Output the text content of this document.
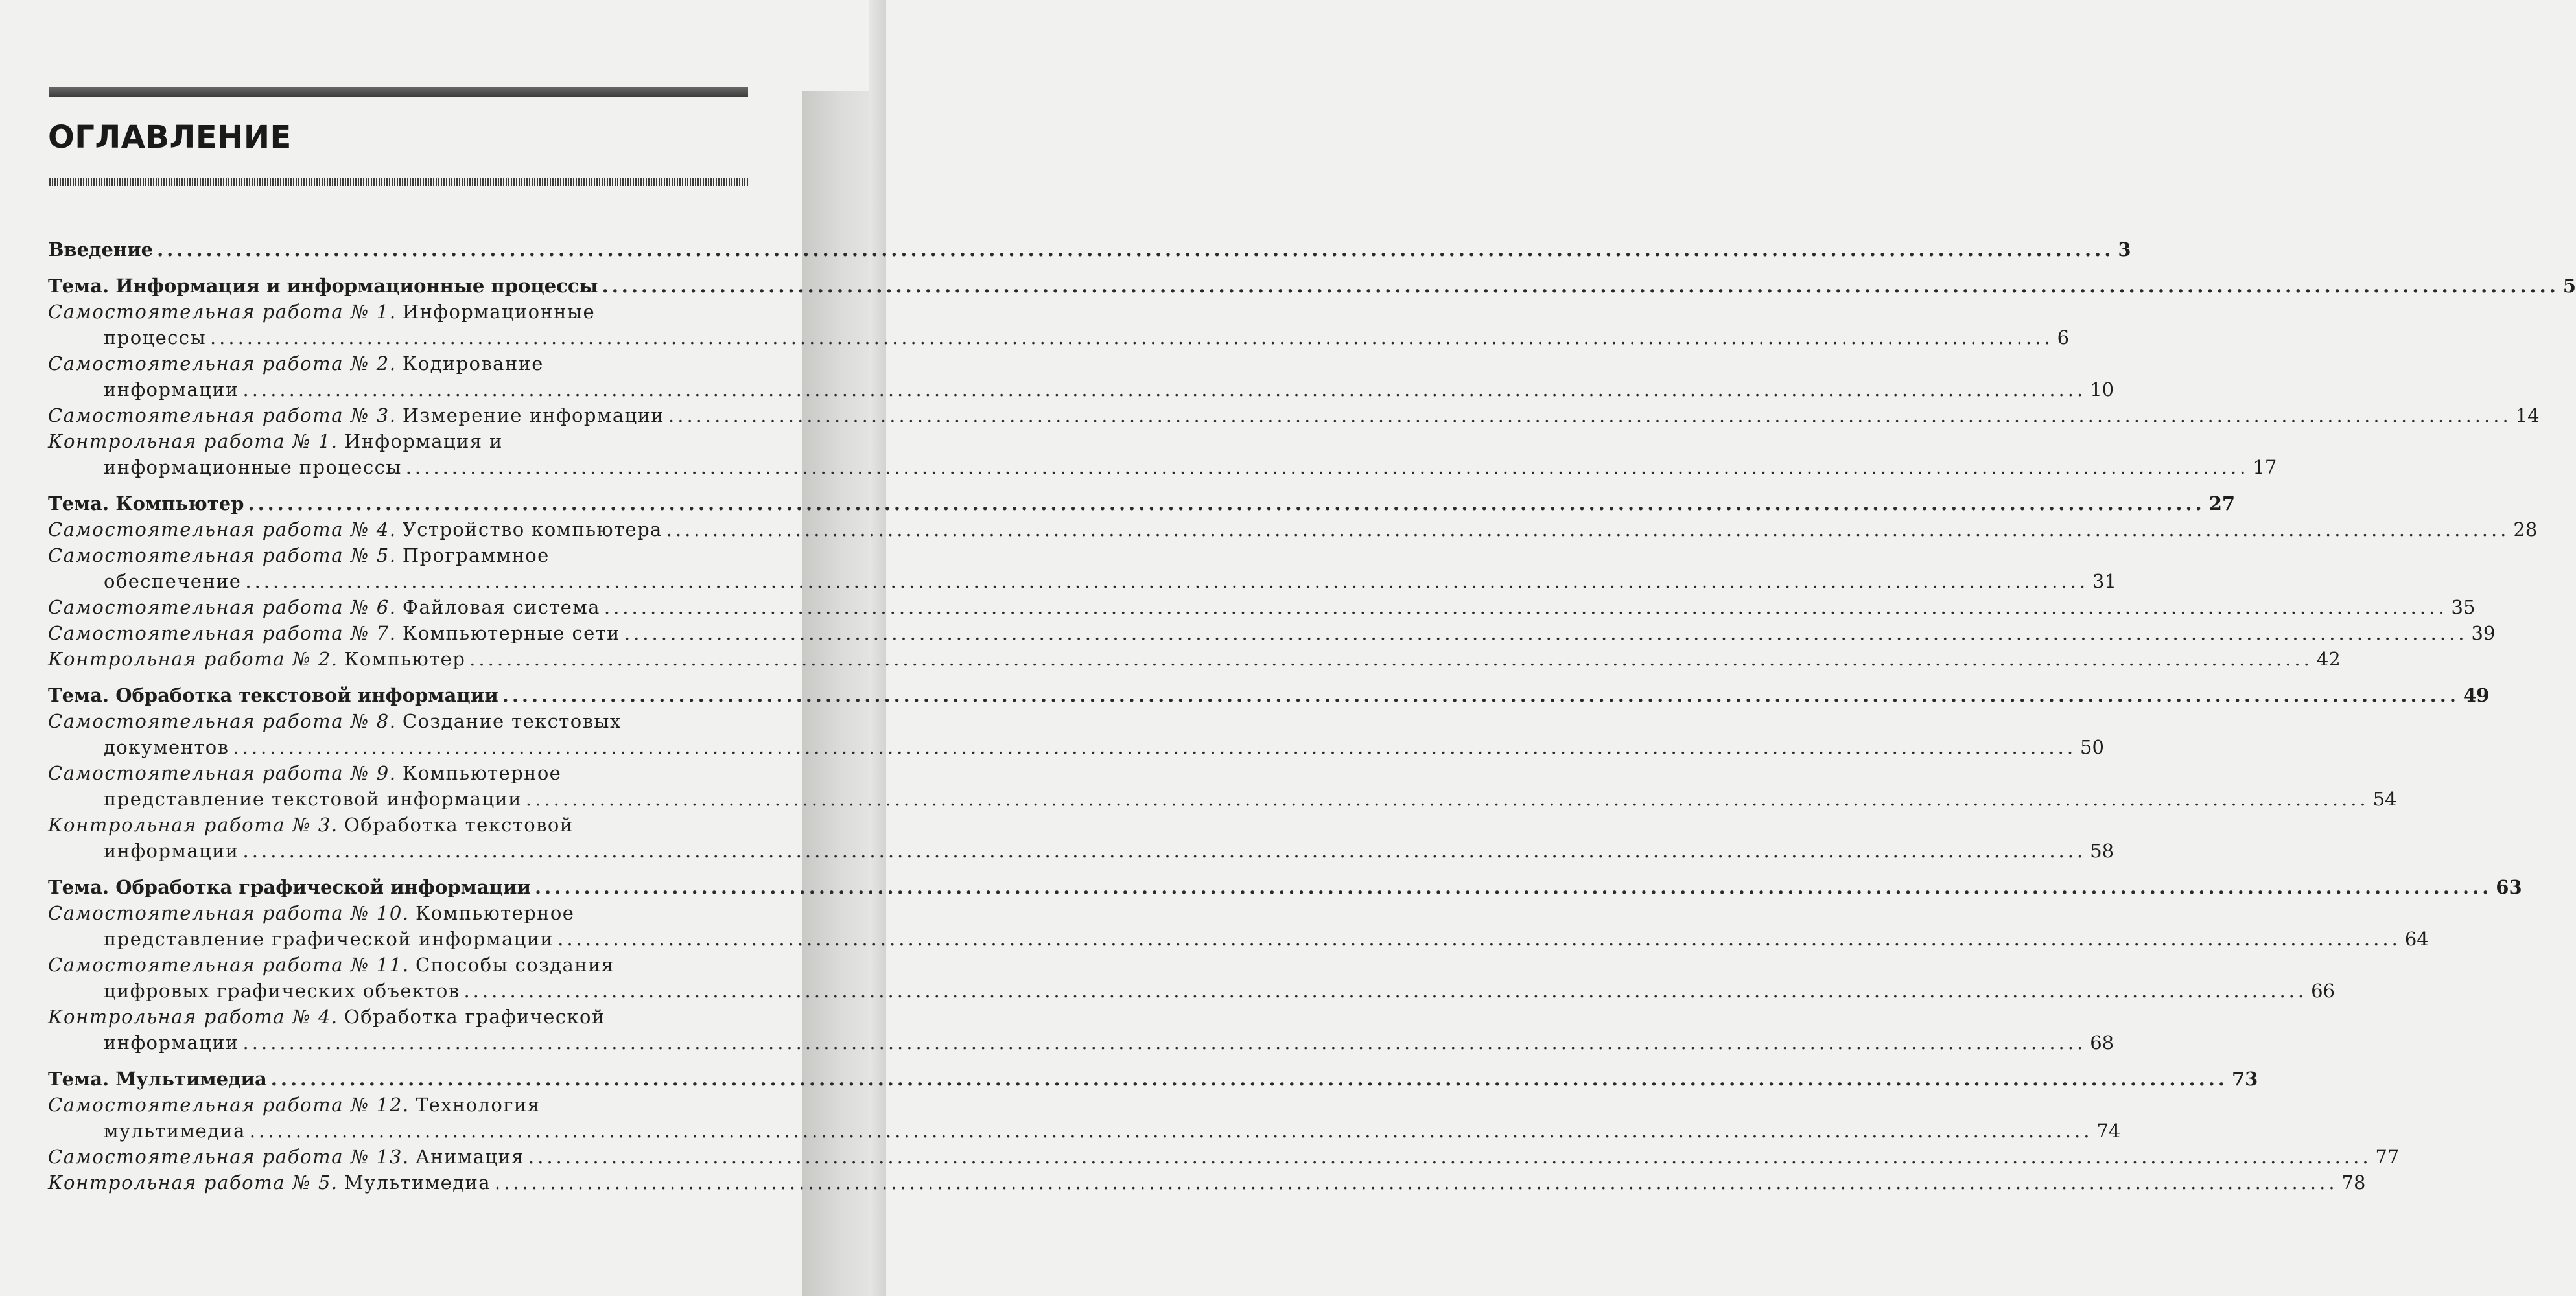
ОГЛАВЛЕНИЕ
Введение ........................................................................................................................................................................................................ 3
Тема. Информация и информационные процессы ........................................................................................................................................................................................................ 5
Самостоятельная работа № 1. Информационные
процессы ........................................................................................................................................................................................................ 6
Самостоятельная работа № 2. Кодирование
информации ........................................................................................................................................................................................................ 10
Самостоятельная работа № 3. Измерение информации ........................................................................................................................................................................................................ 14
Контрольная работа № 1. Информация и
информационные процессы ........................................................................................................................................................................................................ 17
Тема. Компьютер ........................................................................................................................................................................................................ 27
Самостоятельная работа № 4. Устройство компьютера ........................................................................................................................................................................................................ 28
Самостоятельная работа № 5. Программное
обеспечение ........................................................................................................................................................................................................ 31
Самостоятельная работа № 6. Файловая система ........................................................................................................................................................................................................ 35
Самостоятельная работа № 7. Компьютерные сети ........................................................................................................................................................................................................ 39
Контрольная работа № 2. Компьютер ........................................................................................................................................................................................................ 42
Тема. Обработка текстовой информации ........................................................................................................................................................................................................ 49
Самостоятельная работа № 8. Создание текстовых
документов ........................................................................................................................................................................................................ 50
Самостоятельная работа № 9. Компьютерное
представление текстовой информации ........................................................................................................................................................................................................ 54
Контрольная работа № 3. Обработка текстовой
информации ........................................................................................................................................................................................................ 58
Тема. Обработка графической информации ........................................................................................................................................................................................................ 63
Самостоятельная работа № 10. Компьютерное
представление графической информации ........................................................................................................................................................................................................ 64
Самостоятельная работа № 11. Способы создания
цифровых графических объектов ........................................................................................................................................................................................................ 66
Контрольная работа № 4. Обработка графической
информации ........................................................................................................................................................................................................ 68
Тема. Мультимедиа ........................................................................................................................................................................................................ 73
Самостоятельная работа № 12. Технология
мультимедиа ........................................................................................................................................................................................................ 74
Самостоятельная работа № 13. Анимация ........................................................................................................................................................................................................ 77
Контрольная работа № 5. Мультимедиа ........................................................................................................................................................................................................ 78
